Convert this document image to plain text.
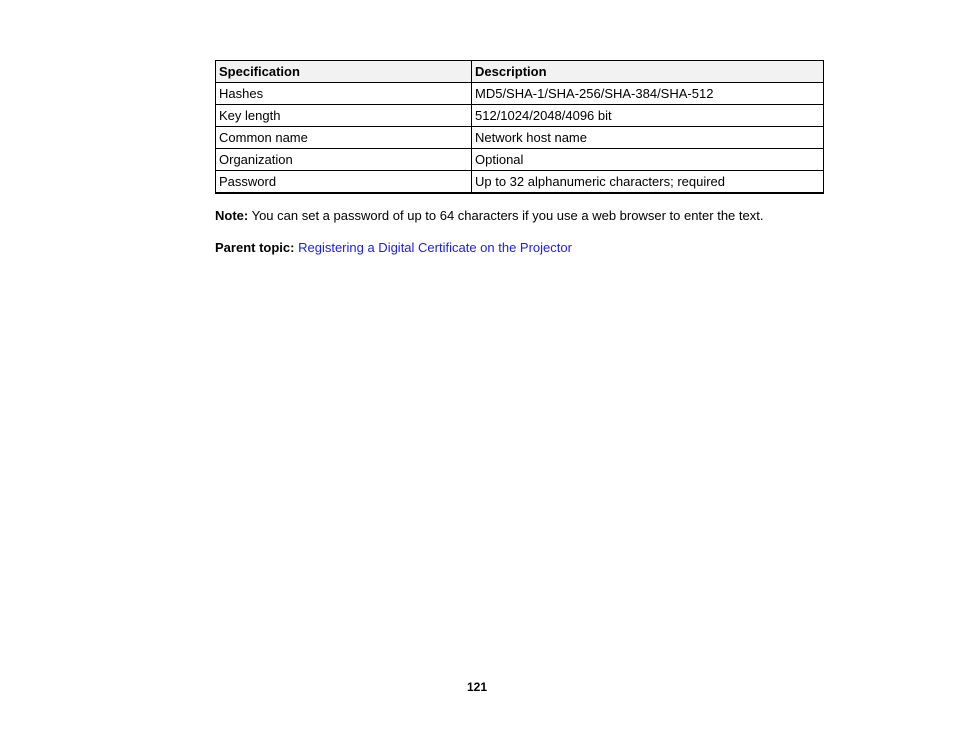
Specification	Description
Hashes	MD5/SHA-1/SHA-256/SHA-384/SHA-512
Key length	512/1024/2048/4096 bit
Common name	Network host name
Organization	Optional
Password	Up to 32 alphanumeric characters; required

Note: You can set a password of up to 64 characters if you use a web browser to enter the text.

Parent topic: Registering a Digital Certificate on the Projector

121
